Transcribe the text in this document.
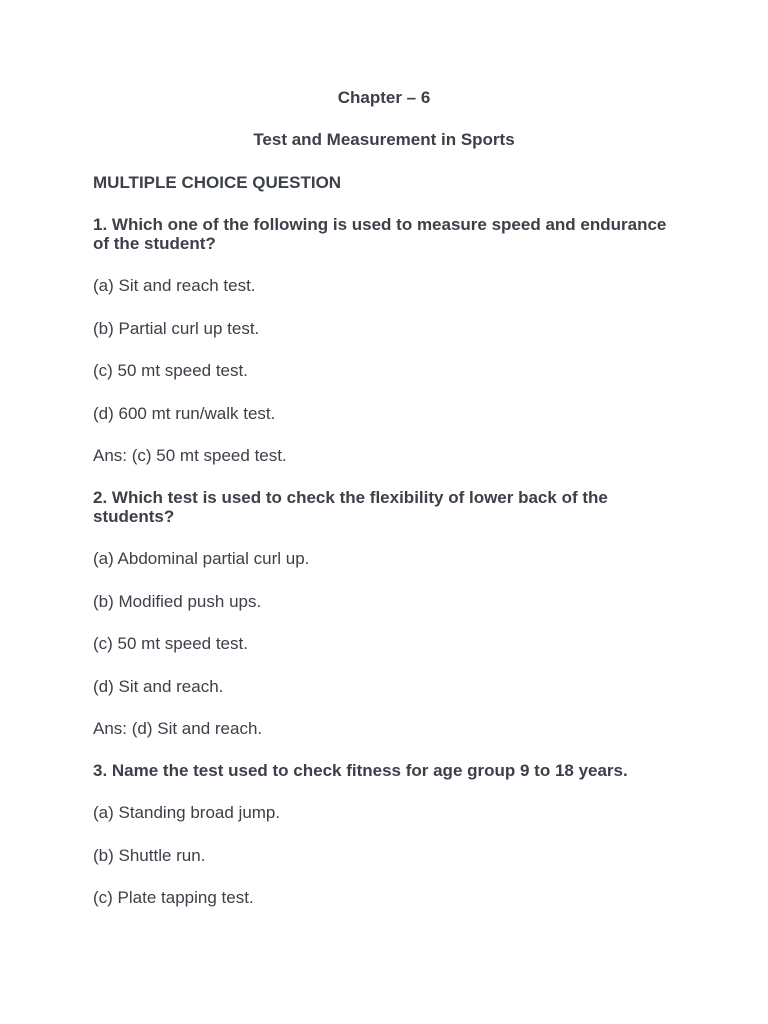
Chapter – 6

Test and Measurement in Sports

MULTIPLE CHOICE QUESTION

1. Which one of the following is used to measure speed and endurance of the student?

(a) Sit and reach test.

(b) Partial curl up test.

(c) 50 mt speed test.

(d) 600 mt run/walk test.

Ans: (c) 50 mt speed test.

2. Which test is used to check the flexibility of lower back of the students?

(a) Abdominal partial curl up.

(b) Modified push ups.

(c) 50 mt speed test.

(d) Sit and reach.

Ans: (d) Sit and reach.

3. Name the test used to check fitness for age group 9 to 18 years.

(a) Standing broad jump.

(b) Shuttle run.

(c) Plate tapping test.
